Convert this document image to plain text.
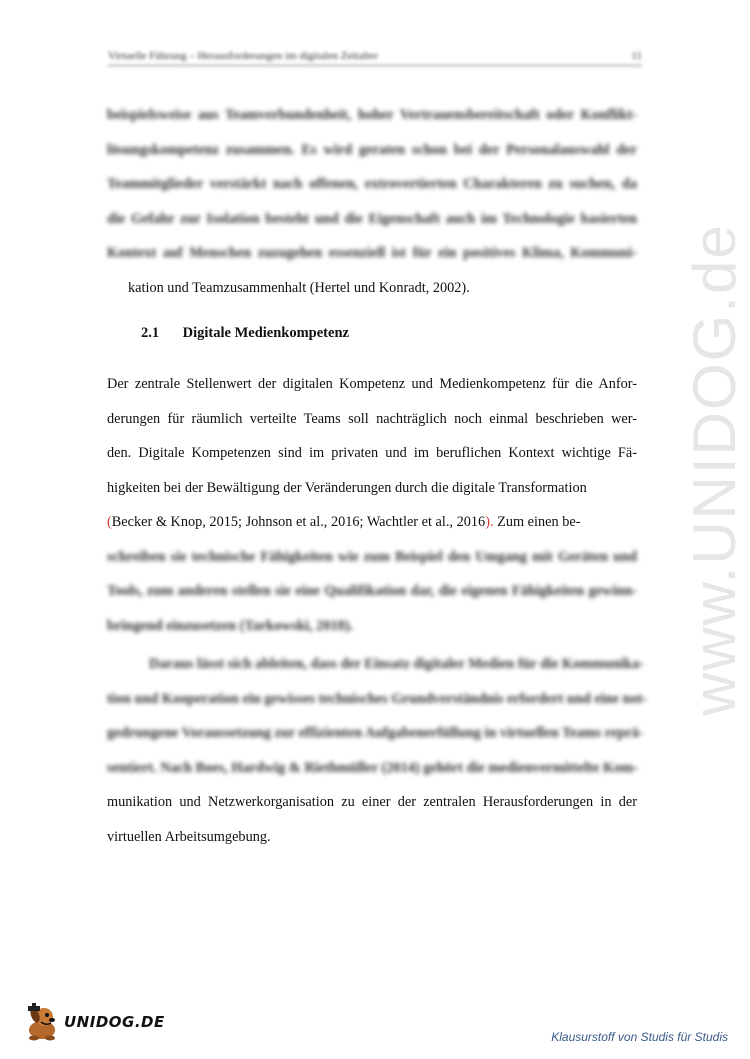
Virtuelle Führung – Herausforderungen im digitalen Zeitalter	11
beispielsweise aus Teamverbundenheit, hoher Vertrauensbereitschaft oder Konflikt-
lösungskompetenz zusammen. Es wird geraten schon bei der Personalauswahl der
Teammitglieder verstärkt nach offenen, extrovertierten Charakteren zu suchen, da
die Gefahr zur Isolation besteht und die Eigenschaft auch im Technologie basierten
Kontext auf Menschen zuzugehen essenziell ist für ein positives Klima, Kommuni-
kation und Teamzusammenhalt (Hertel und Konradt, 2002).
2.1 Digitale Medienkompetenz
Der zentrale Stellenwert der digitalen Kompetenz und Medienkompetenz für die Anfor-
derungen für räumlich verteilte Teams soll nachträglich noch einmal beschrieben wer-
den. Digitale Kompetenzen sind im privaten und im beruflichen Kontext wichtige Fä-
higkeiten bei der Bewältigung der Veränderungen durch die digitale Transformation
(Becker & Knop, 2015; Johnson et al., 2016; Wachtler et al., 2016). Zum einen be-
schreiben sie technische Fähigkeiten wie zum Beispiel den Umgang mit Geräten und
Tools, zum anderen stellen sie eine Qualifikation dar, die eigenen Fähigkeiten gewinn-
bringend einzusetzen (Tarkowski, 2018).
Daraus lässt sich ableiten, dass der Einsatz digitaler Medien für die Kommunika-
tion und Kooperation ein gewisses technisches Grundverständnis erfordert und eine not-
gedrungene Voraussetzung zur effizienten Aufgabenerfüllung in virtuellen Teams reprä-
sentiert. Nach Boes, Hardwig & Riethmüller (2014) gehört die medienvermittelte Kom-
munikation und Netzwerkorganisation zu einer der zentralen Herausforderungen in der
virtuellen Arbeitsumgebung.
www.UNIDOG.de
UNIDOG.DE
Klausurstoff von Studis für Studis
